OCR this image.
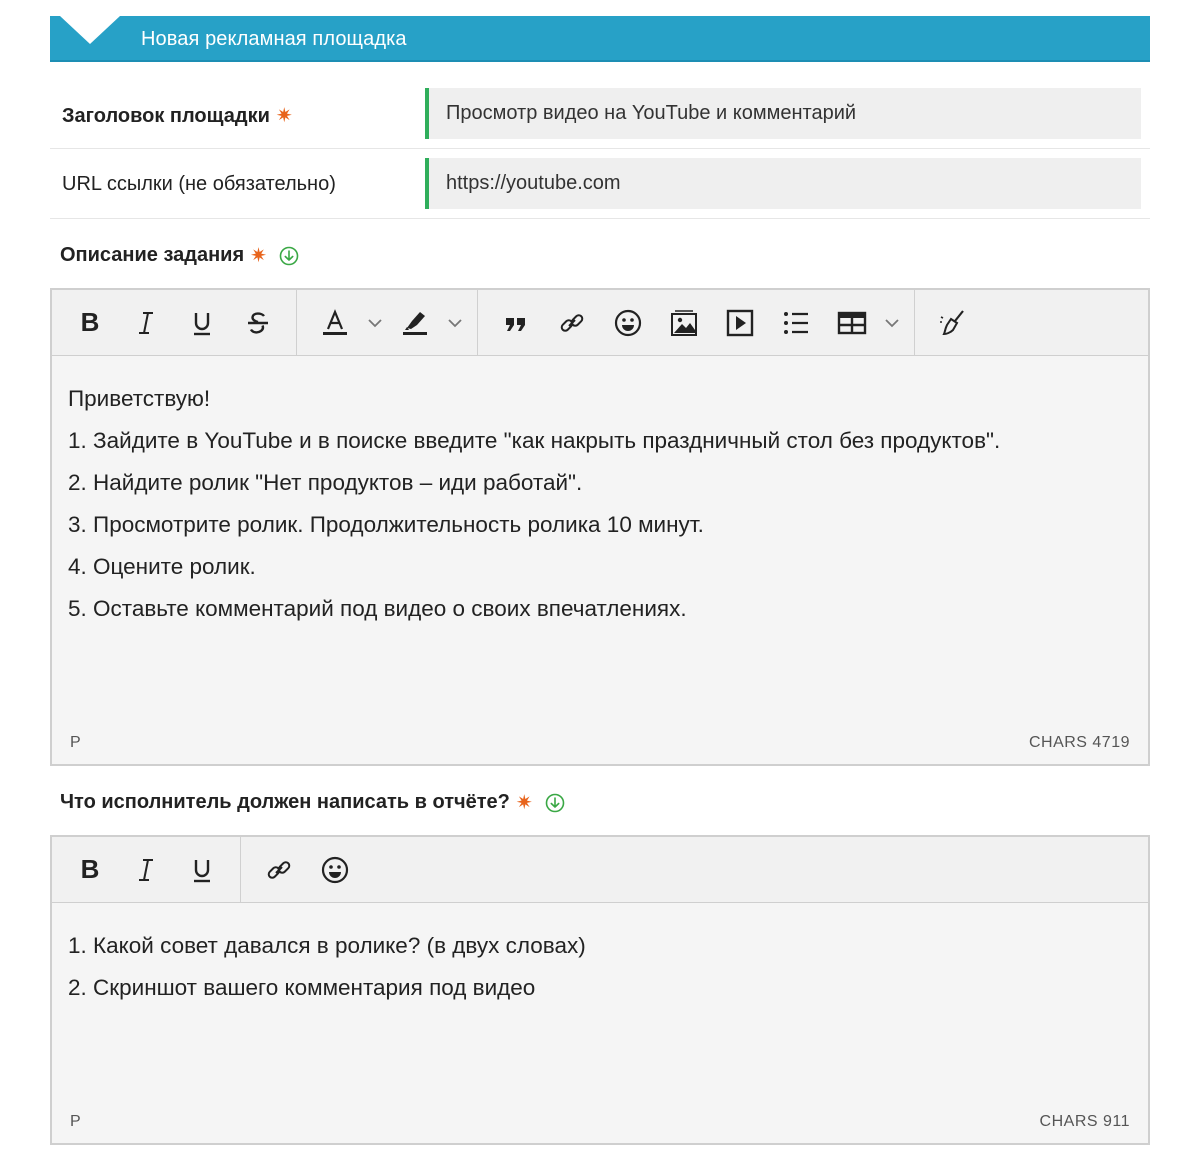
Новая рекламная площадка
Заголовок площадки ✷
Просмотр видео на YouTube и комментарий
URL ссылки (не обязательно)
https://youtube.com
Описание задания ✷
B

Приветствую!

1. Зайдите в YouTube и в поиске введите "как накрыть праздничный стол без продуктов".

2. Найдите ролик "Нет продуктов – иди работай".

3. Просмотрите ролик. Продолжительность ролика 10 минут.

4. Оцените ролик.

5. Оставьте комментарий под видео о своих впечатлениях.

P	CHARS 4719
Что исполнитель должен написать в отчёте? ✷
B

1. Какой совет давался в ролике? (в двух словах)

2. Скриншот вашего комментария под видео

P	CHARS 911
